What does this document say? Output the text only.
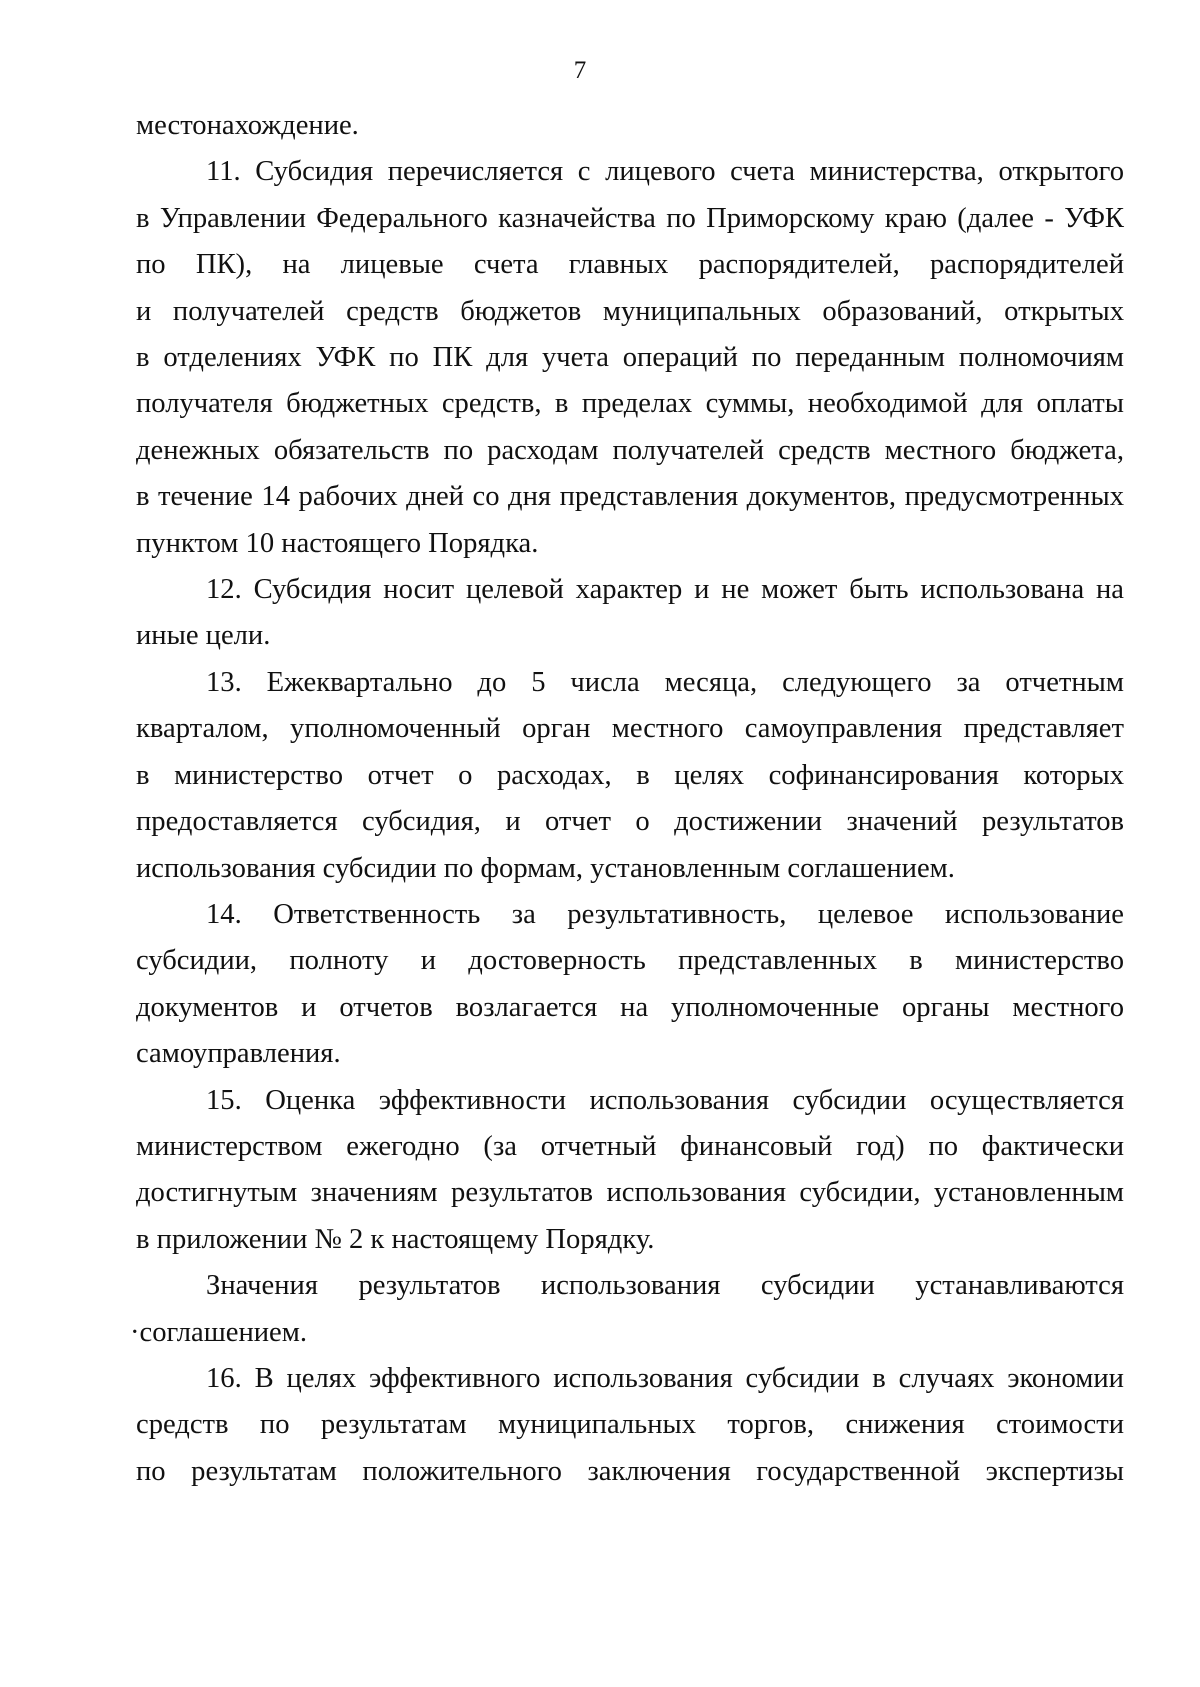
7

местонахождение.
11. Субсидия перечисляется с лицевого счета министерства, открытого
в Управлении Федерального казначейства по Приморскому краю (далее - УФК
по ПК), на лицевые счета главных распорядителей, распорядителей
и получателей средств бюджетов муниципальных образований, открытых
в отделениях УФК по ПК для учета операций по переданным полномочиям
получателя бюджетных средств, в пределах суммы, необходимой для оплаты
денежных обязательств по расходам получателей средств местного бюджета,
в течение 14 рабочих дней со дня представления документов, предусмотренных
пунктом 10 настоящего Порядка.
12. Субсидия носит целевой характер и не может быть использована на
иные цели.
13. Ежеквартально до 5 числа месяца, следующего за отчетным
кварталом, уполномоченный орган местного самоуправления представляет
в министерство отчет о расходах, в целях софинансирования которых
предоставляется субсидия, и отчет о достижении значений результатов
использования субсидии по формам, установленным соглашением.
14. Ответственность за результативность, целевое использование
субсидии, полноту и достоверность представленных в министерство
документов и отчетов возлагается на уполномоченные органы местного
самоуправления.
15. Оценка эффективности использования субсидии осуществляется
министерством ежегодно (за отчетный финансовый год) по фактически
достигнутым значениям результатов использования субсидии, установленным
в приложении № 2 к настоящему Порядку.
Значения результатов использования субсидии устанавливаются
·соглашением.
16. В целях эффективного использования субсидии в случаях экономии
средств по результатам муниципальных торгов, снижения стоимости
по результатам положительного заключения государственной экспертизы
